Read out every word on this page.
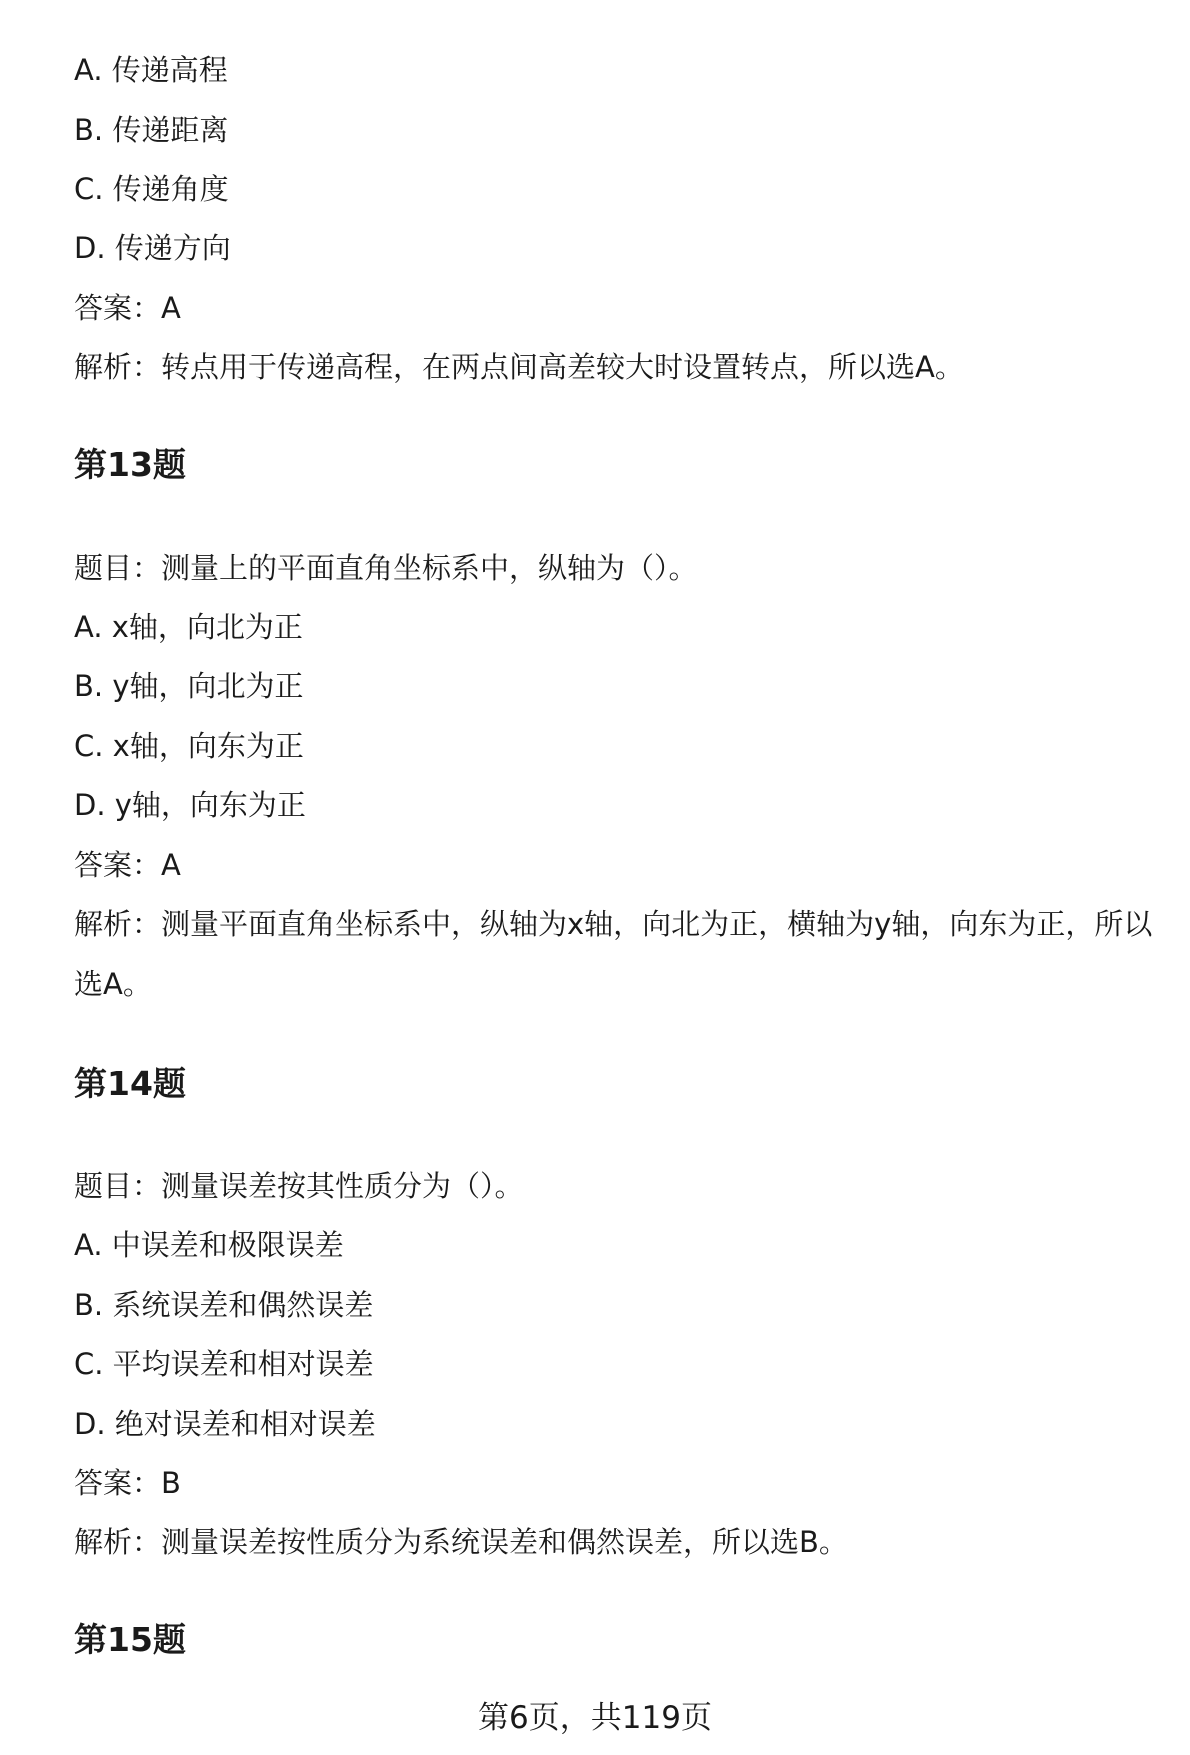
A. 传递高程
B. 传递距离
C. 传递角度
D. 传递方向
答案：A
解析：转点用于传递高程，在两点间高差较大时设置转点，所以选A。
第13题
题目：测量上的平面直角坐标系中，纵轴为（）。
A. x轴，向北为正
B. y轴，向北为正
C. x轴，向东为正
D. y轴，向东为正
答案：A
解析：测量平面直角坐标系中，纵轴为x轴，向北为正，横轴为y轴，向东为正，所以选A。
第14题
题目：测量误差按其性质分为（）。
A. 中误差和极限误差
B. 系统误差和偶然误差
C. 平均误差和相对误差
D. 绝对误差和相对误差
答案：B
解析：测量误差按性质分为系统误差和偶然误差，所以选B。
第15题
第6页，共119页
